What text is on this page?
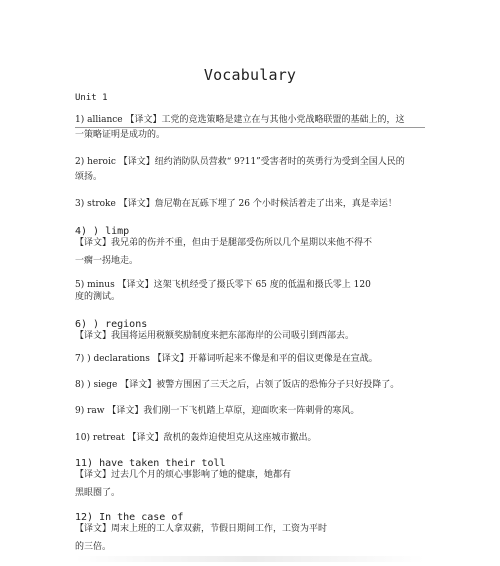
Vocabulary
Unit 1
1) alliance 【译文】工党的竞选策略是建立在与其他小党战略联盟的基础上的，这
一策略证明是成功的。
2) heroic 【译文】纽约消防队员营救“ 9?11”受害者时的英勇行为受到全国人民的
颂扬。
3) stroke 【译文】詹尼勒在瓦砾下埋了 26 个小时候活着走了出来，真是幸运！
4) ) limp
【译文】我兄弟的伤并不重，但由于是腿部受伤所以几个星期以来他不得不
一瘸一拐地走。
5) minus 【译文】这架飞机经受了摄氏零下 65 度的低温和摄氏零上 120
度的测试。
6) ) regions
【译文】我国将运用税额奖励制度来把东部海岸的公司吸引到西部去。
7) ) declarations 【译文】开幕词听起来不像是和平的倡议更像是在宣战。
8) ) siege 【译文】被警方围困了三天之后，占领了饭店的恐怖分子只好投降了。
9) raw 【译文】我们刚一下飞机踏上草原，迎面吹来一阵刺骨的寒风。
10) retreat 【译文】敌机的轰炸迫使坦克从这座城市撤出。
11) have taken their toll
【译文】过去几个月的烦心事影响了她的健康，她都有
黑眼圈了。
12) In the case of
【译文】周末上班的工人拿双薪，节假日期间工作，工资为平时
的三倍。
